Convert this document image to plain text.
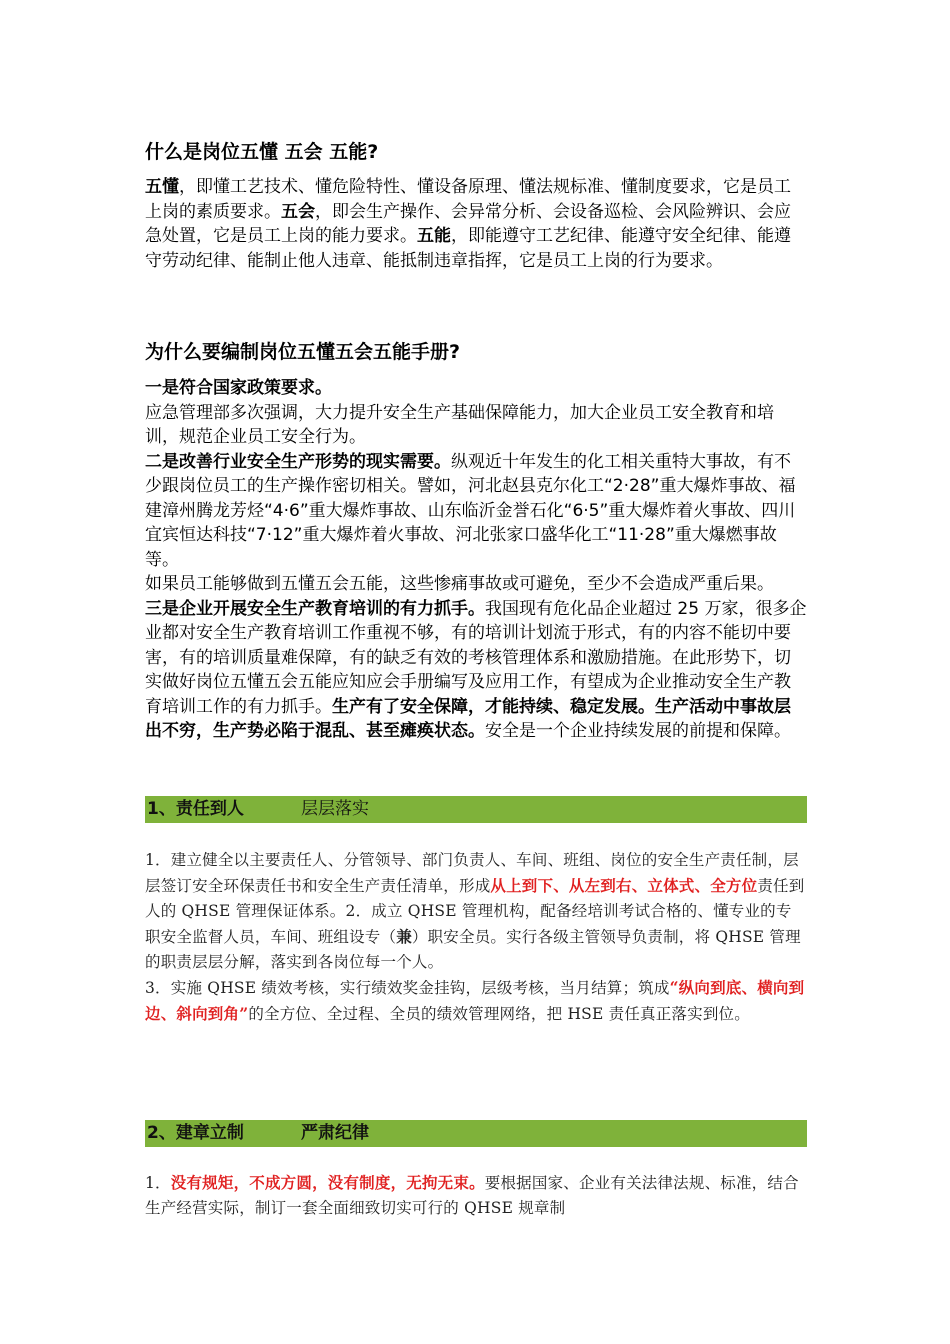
什么是岗位五懂 五会 五能?
五懂，即懂工艺技术、懂危险特性、懂设备原理、懂法规标准、懂制度要求，它是员工上岗的素质要求。五会，即会生产操作、会异常分析、会设备巡检、会风险辨识、会应急处置，它是员工上岗的能力要求。五能，即能遵守工艺纪律、能遵守安全纪律、能遵守劳动纪律、能制止他人违章、能抵制违章指挥，它是员工上岗的行为要求。
为什么要编制岗位五懂五会五能手册?
一是符合国家政策要求。
应急管理部多次强调，大力提升安全生产基础保障能力，加大企业员工安全教育和培训，规范企业员工安全行为。
二是改善行业安全生产形势的现实需要。纵观近十年发生的化工相关重特大事故，有不少跟岗位员工的生产操作密切相关。譬如，河北赵县克尔化工“2·28”重大爆炸事故、福建漳州腾龙芳烃“4·6”重大爆炸事故、山东临沂金誉石化“6·5”重大爆炸着火事故、四川宜宾恒达科技“7·12”重大爆炸着火事故、河北张家口盛华化工“11·28”重大爆燃事故等。
如果员工能够做到五懂五会五能，这些惨痛事故或可避免，至少不会造成严重后果。
三是企业开展安全生产教育培训的有力抓手。我国现有危化品企业超过 25 万家，很多企业都对安全生产教育培训工作重视不够，有的培训计划流于形式，有的内容不能切中要害，有的培训质量难保障，有的缺乏有效的考核管理体系和激励措施。在此形势下，切实做好岗位五懂五会五能应知应会手册编写及应用工作，有望成为企业推动安全生产教育培训工作的有力抓手。生产有了安全保障，才能持续、稳定发展。生产活动中事故层出不穷，生产势必陷于混乱、甚至瘫痪状态。安全是一个企业持续发展的前提和保障。
1、责任到人	层层落实
1．建立健全以主要责任人、分管领导、部门负责人、车间、班组、岗位的安全生产责任制，层层签订安全环保责任书和安全生产责任清单，形成从上到下、从左到右、立体式、全方位责任到人的 QHSE 管理保证体系。2．成立 QHSE 管理机构，配备经培训考试合格的、懂专业的专职安全监督人员，车间、班组设专（兼）职安全员。实行各级主管领导负责制，将 QHSE 管理的职责层层分解，落实到各岗位每一个人。
3．实施 QHSE 绩效考核，实行绩效奖金挂钩，层级考核，当月结算；筑成“纵向到底、横向到边、斜向到角”的全方位、全过程、全员的绩效管理网络，把 HSE 责任真正落实到位。
2、建章立制	严肃纪律
1．没有规矩，不成方圆，没有制度，无拘无束。要根据国家、企业有关法律法规、标准，结合生产经营实际，制订一套全面细致切实可行的 QHSE 规章制
